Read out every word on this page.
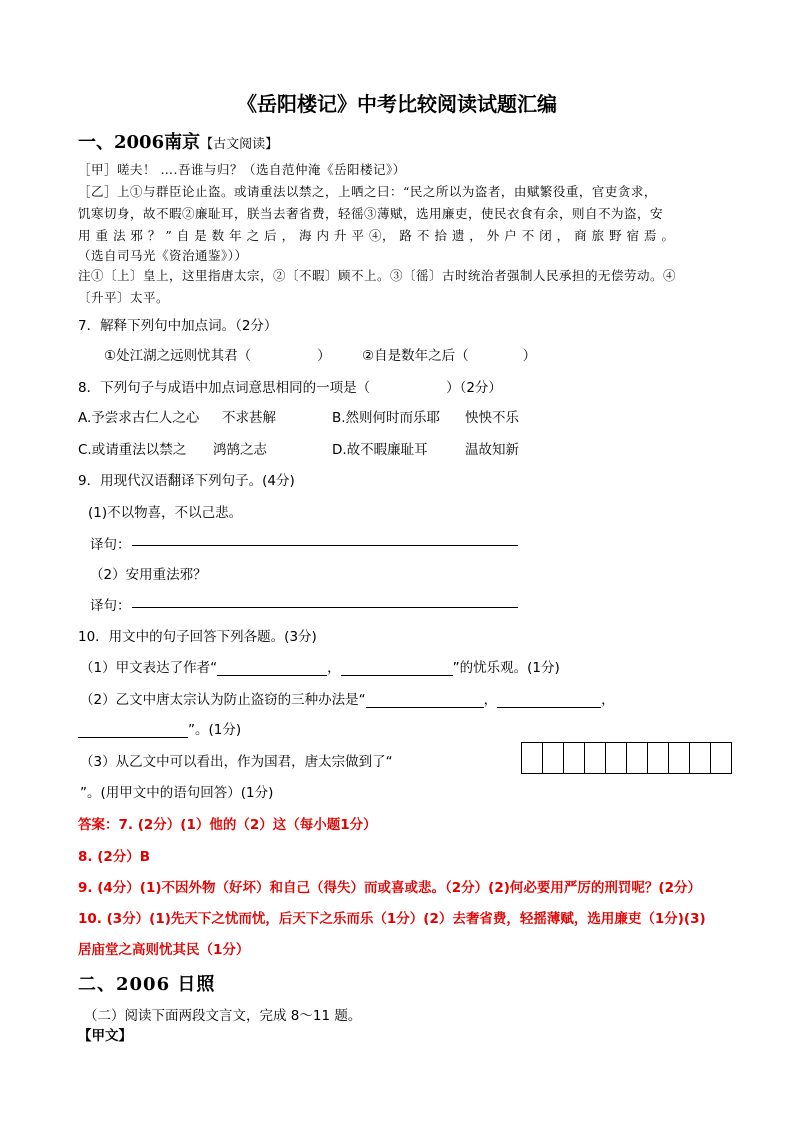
《岳阳楼记》中考比较阅读试题汇编
一、2006南京【古文阅读】
［甲］嗟夫！ ….吾谁与归？（选自范仲淹《岳阳楼记》）
［乙］上①与群臣论止盗。或请重法以禁之，上哂之曰：“民之所以为盗者，由赋繁役重，官吏贪求，
饥寒切身，故不暇②廉耻耳，朕当去奢省费，轻徭③薄赋，选用廉吏，使民衣食有余，则自不为盗，安
用 重 法 邪 ？ ” 自 是 数 年 之 后 ， 海 内 升 平 ④， 路 不 拾 遗 ， 外 户 不 闭 ， 商 旅 野 宿 焉 。
（选自司马光《资治通鉴》））
注①〔上〕皇上，这里指唐太宗，②〔不暇〕顾不上。③〔徭〕古时统治者强制人民承担的无偿劳动。④
〔升平〕太平。
7．解释下列句中加点词。（2分）
①处江湖之远则忧其君（	） ②自是数年之后（	）
8．下列句子与成语中加点词意思相同的一项是（	）（2分）
A.予尝求古仁人之心 不求甚解	B.然则何时而乐耶 怏怏不乐
C.或请重法以禁之 鸿鹄之志	D.故不暇廉耻耳	温故知新
9．用现代汉语翻译下列句子。(4分)
(1)不以物喜，不以己悲。
译句：
（2）安用重法邪？
译句：
10．用文中的句子回答下列各题。(3分)
（1）甲文表达了作者“	，	”的忧乐观。(1分)
（2）乙文中唐太宗认为防止盗窃的三种办法是“	，	，
”。(1分)
（3）从乙文中可以看出，作为国君，唐太宗做到了“
”。(用甲文中的语句回答）(1分)
答案：7. (2分）(1）他的（2）这（每小题1分）
8. (2分）B
9. (4分）(1)不因外物（好坏）和自己（得失）而或喜或悲。（2分）(2)何必要用严厉的刑罚呢？(2分）
10. (3分）(1)先天下之忧而忧，后天下之乐而乐（1分）(2）去奢省费，轻摇薄赋，选用廉吏（1分)(3)
居庙堂之高则忧其民（1分）
二、2006 日照
（二）阅读下面两段文言文，完成 8～11 题。
【甲文】
